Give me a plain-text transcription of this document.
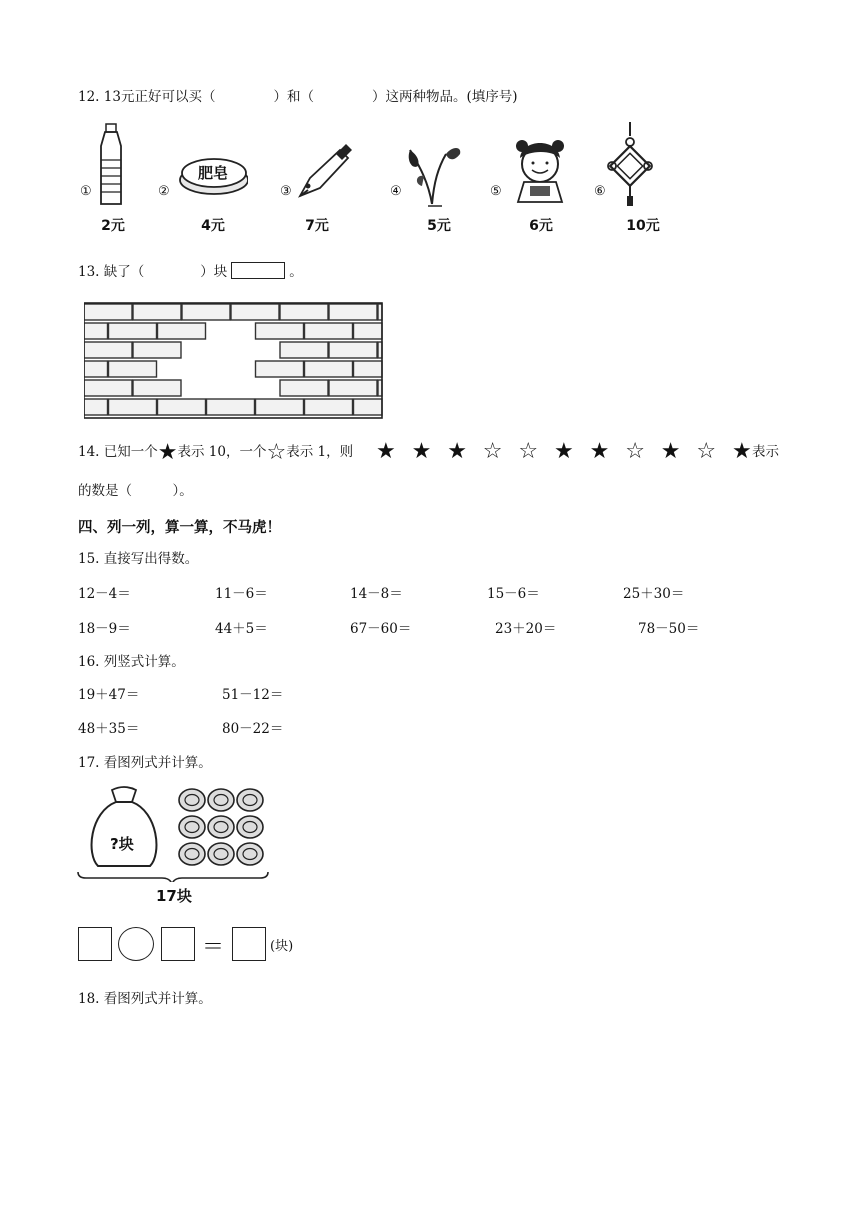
12. 13元正好可以买（	）和（	）这两种物品。(填序号)
①
2元
②
肥皂
4元
③
7元
④
5元
⑤
6元
⑥
10元
13. 缺了（	）块	。
14. 已知一个★表示 10，一个☆表示 1，则 ★ ★ ★ ☆ ☆ ★ ★ ☆ ★ ☆ ★ 表示
的数是（　　　）。
四、列一列，算一算，不马虎！
15. 直接写出得数。
12－4＝	11－6＝	14－8＝	15－6＝	25＋30＝
18－9＝	44＋5＝	67－60＝	23＋20＝	78－50＝
16. 列竖式计算。
19＋47＝	51－12＝
48＋35＝	80－22＝
17. 看图列式并计算。
?块
17块
＝	(块)
18. 看图列式并计算。
